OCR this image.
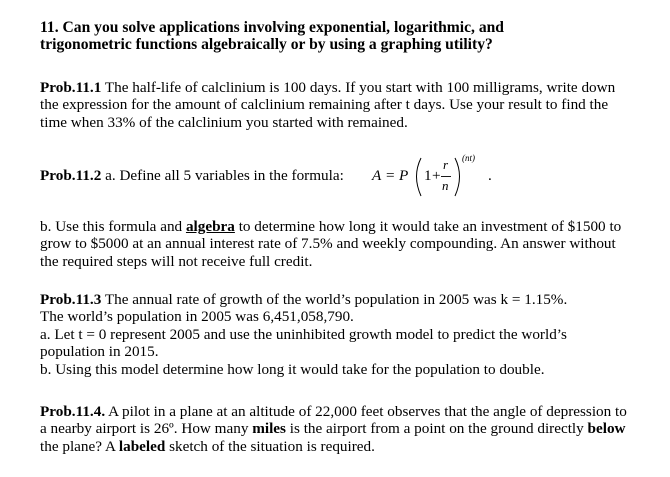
11. Can you solve applications involving exponential, logarithmic, and
trigonometric functions algebraically or by using a graphing utility?

Prob.11.1 The half-life of calclinium is 100 days. If you start with 100 milligrams, write down the expression for the amount of calclinium remaining after t days. Use your result to find the time when 33% of the calclinium you started with remained.

Prob.11.2 a. Define all 5 variables in the formula: A = P 1 +
r
n
(nt)
.

b. Use this formula and algebra to determine how long it would take an investment of $1500 to grow to $5000 at an annual interest rate of 7.5% and weekly compounding. An answer without the required steps will not receive full credit.

Prob.11.3 The annual rate of growth of the world’s population in 2005 was k = 1.15%.
The world’s population in 2005 was 6,451,058,790.
a. Let t = 0 represent 2005 and use the uninhibited growth model to predict the world’s population in 2015.
b. Using this model determine how long it would take for the population to double.

Prob.11.4. A pilot in a plane at an altitude of 22,000 feet observes that the angle of depression to a nearby airport is 26º. How many miles is the airport from a point on the ground directly below the plane? A labeled sketch of the situation is required.
